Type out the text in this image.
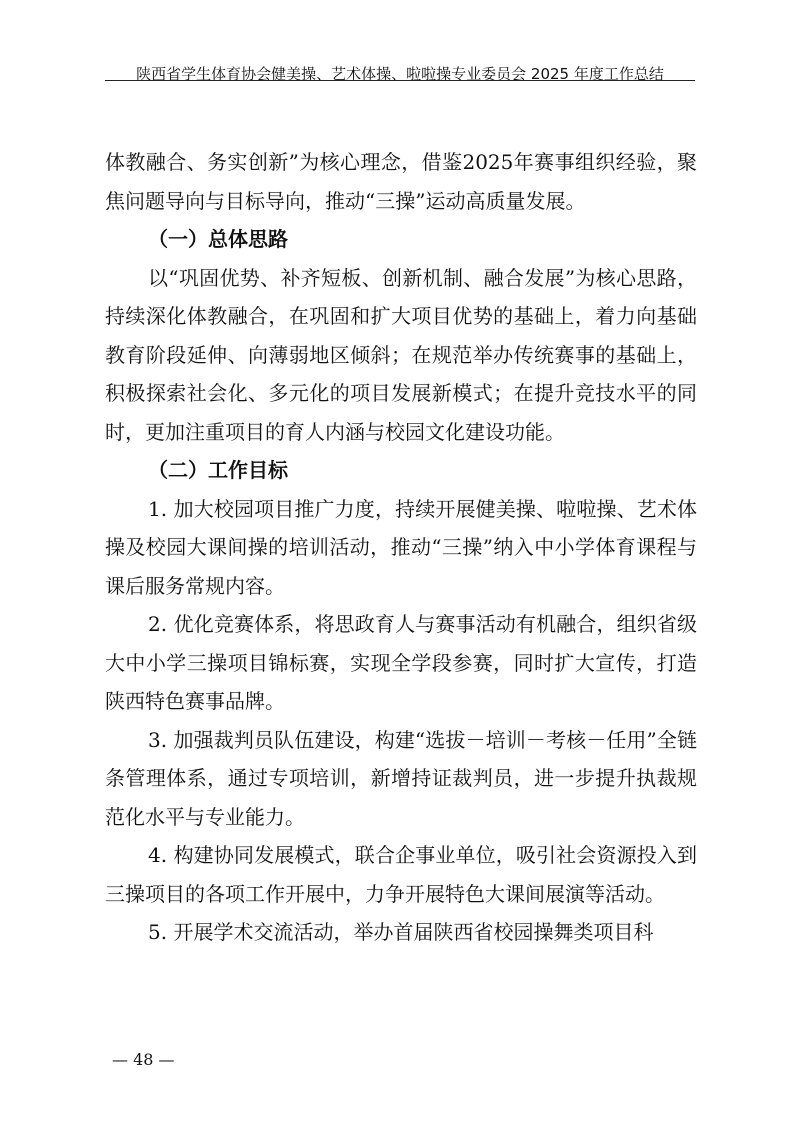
陕西省学生体育协会健美操、艺术体操、啦啦操专业委员会 2025 年度工作总结

体教融合、务实创新”为核心理念，借鉴2025年赛事组织经验，聚焦问题导向与目标导向，推动“三操”运动高质量发展。

（一）总体思路

以“巩固优势、补齐短板、创新机制、融合发展”为核心思路，持续深化体教融合，在巩固和扩大项目优势的基础上，着力向基础教育阶段延伸、向薄弱地区倾斜；在规范举办传统赛事的基础上，积极探索社会化、多元化的项目发展新模式；在提升竞技水平的同时，更加注重项目的育人内涵与校园文化建设功能。

（二）工作目标

1. 加大校园项目推广力度，持续开展健美操、啦啦操、艺术体操及校园大课间操的培训活动，推动“三操”纳入中小学体育课程与课后服务常规内容。

2. 优化竞赛体系，将思政育人与赛事活动有机融合，组织省级大中小学三操项目锦标赛，实现全学段参赛，同时扩大宣传，打造陕西特色赛事品牌。

3. 加强裁判员队伍建设，构建“选拔－培训－考核－任用”全链条管理体系，通过专项培训，新增持证裁判员，进一步提升执裁规范化水平与专业能力。

4. 构建协同发展模式，联合企事业单位，吸引社会资源投入到三操项目的各项工作开展中，力争开展特色大课间展演等活动。

5. 开展学术交流活动，举办首届陕西省校园操舞类项目科

— 48 —
